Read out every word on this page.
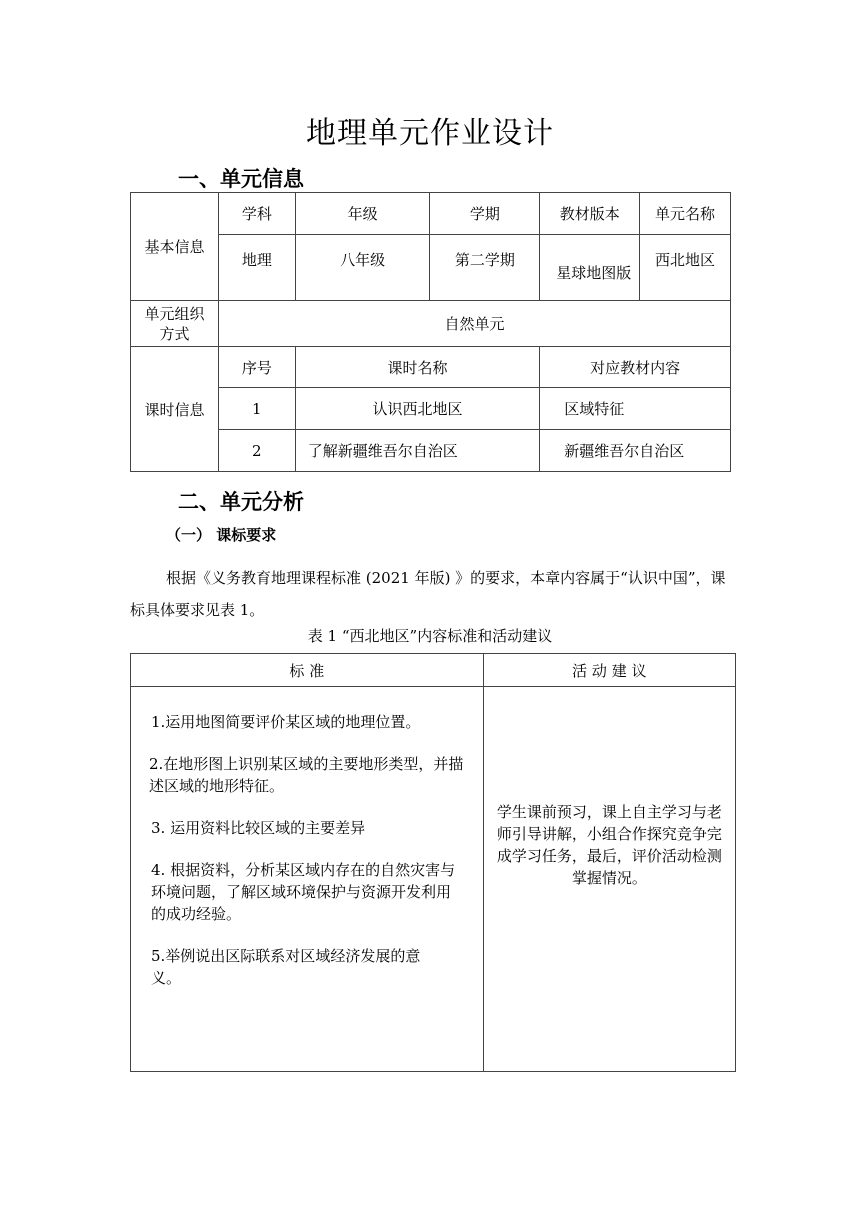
地理单元作业设计
一、单元信息
基本信息	学科	年级	学期	教材版本	单元名称
	地理	八年级	第二学期	星球地图版	西北地区
单元组织方式	自然单元				
课时信息	序号	课时名称		对应教材内容	
	1	认识西北地区		区域特征	
	2	了解新疆维吾尔自治区		新疆维吾尔自治区	
二、单元分析
（一） 课标要求
根据《义务教育地理课程标准 (2021 年版) 》的要求，本章内容属于“认识中国”，课标具体要求见表 1。
表 1 “西北地区”内容标准和活动建议
标 准	活 动 建 议

1.运用地图简要评价某区域的地理位置。
2.在地形图上识别某区域的主要地形类型，并描述区域的地形特征。
3. 运用资料比较区域的主要差异
4. 根据资料，分析某区域内存在的自然灾害与环境问题，了解区域环境保护与资源开发利用的成功经验。
5.举例说出区际联系对区域经济发展的意义。	学生课前预习，课上自主学习与老师引导讲解，小组合作探究竞争完成学习任务，最后，评价活动检测掌握情况。
